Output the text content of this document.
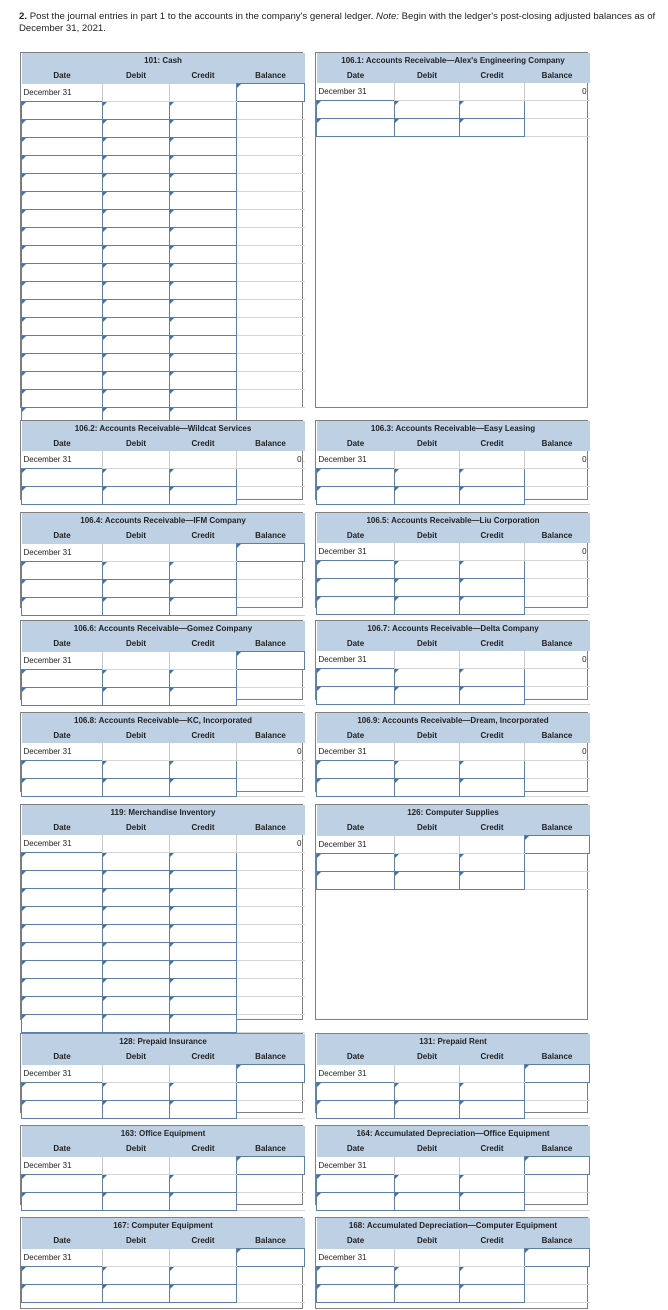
2. Post the journal entries in part 1 to the accounts in the company's general ledger. Note: Begin with the ledger's post-closing adjusted balances as of December 31, 2021.
101: Cash			
Date	Debit	Credit	Balance
December 31			

106.1: Accounts Receivable—Alex's Engineering Company			
Date	Debit	Credit	Balance
December 31			0

106.2: Accounts Receivable—Wildcat Services			
Date	Debit	Credit	Balance
December 31			0

106.3: Accounts Receivable—Easy Leasing			
Date	Debit	Credit	Balance
December 31			0

106.4: Accounts Receivable—IFM Company			
Date	Debit	Credit	Balance
December 31			

106.5: Accounts Receivable—Liu Corporation			
Date	Debit	Credit	Balance
December 31			0

106.6: Accounts Receivable—Gomez Company			
Date	Debit	Credit	Balance
December 31			

106.7: Accounts Receivable—Delta Company			
Date	Debit	Credit	Balance
December 31			0

106.8: Accounts Receivable—KC, Incorporated			
Date	Debit	Credit	Balance
December 31			0

106.9: Accounts Receivable—Dream, Incorporated			
Date	Debit	Credit	Balance
December 31			0

119: Merchandise Inventory			
Date	Debit	Credit	Balance
December 31			0

126: Computer Supplies			
Date	Debit	Credit	Balance
December 31			

128: Prepaid Insurance			
Date	Debit	Credit	Balance
December 31			

131: Prepaid Rent			
Date	Debit	Credit	Balance
December 31			

163: Office Equipment			
Date	Debit	Credit	Balance
December 31			

164: Accumulated Depreciation—Office Equipment			
Date	Debit	Credit	Balance
December 31			

167: Computer Equipment			
Date	Debit	Credit	Balance
December 31			

168: Accumulated Depreciation—Computer Equipment			
Date	Debit	Credit	Balance
December 31			
